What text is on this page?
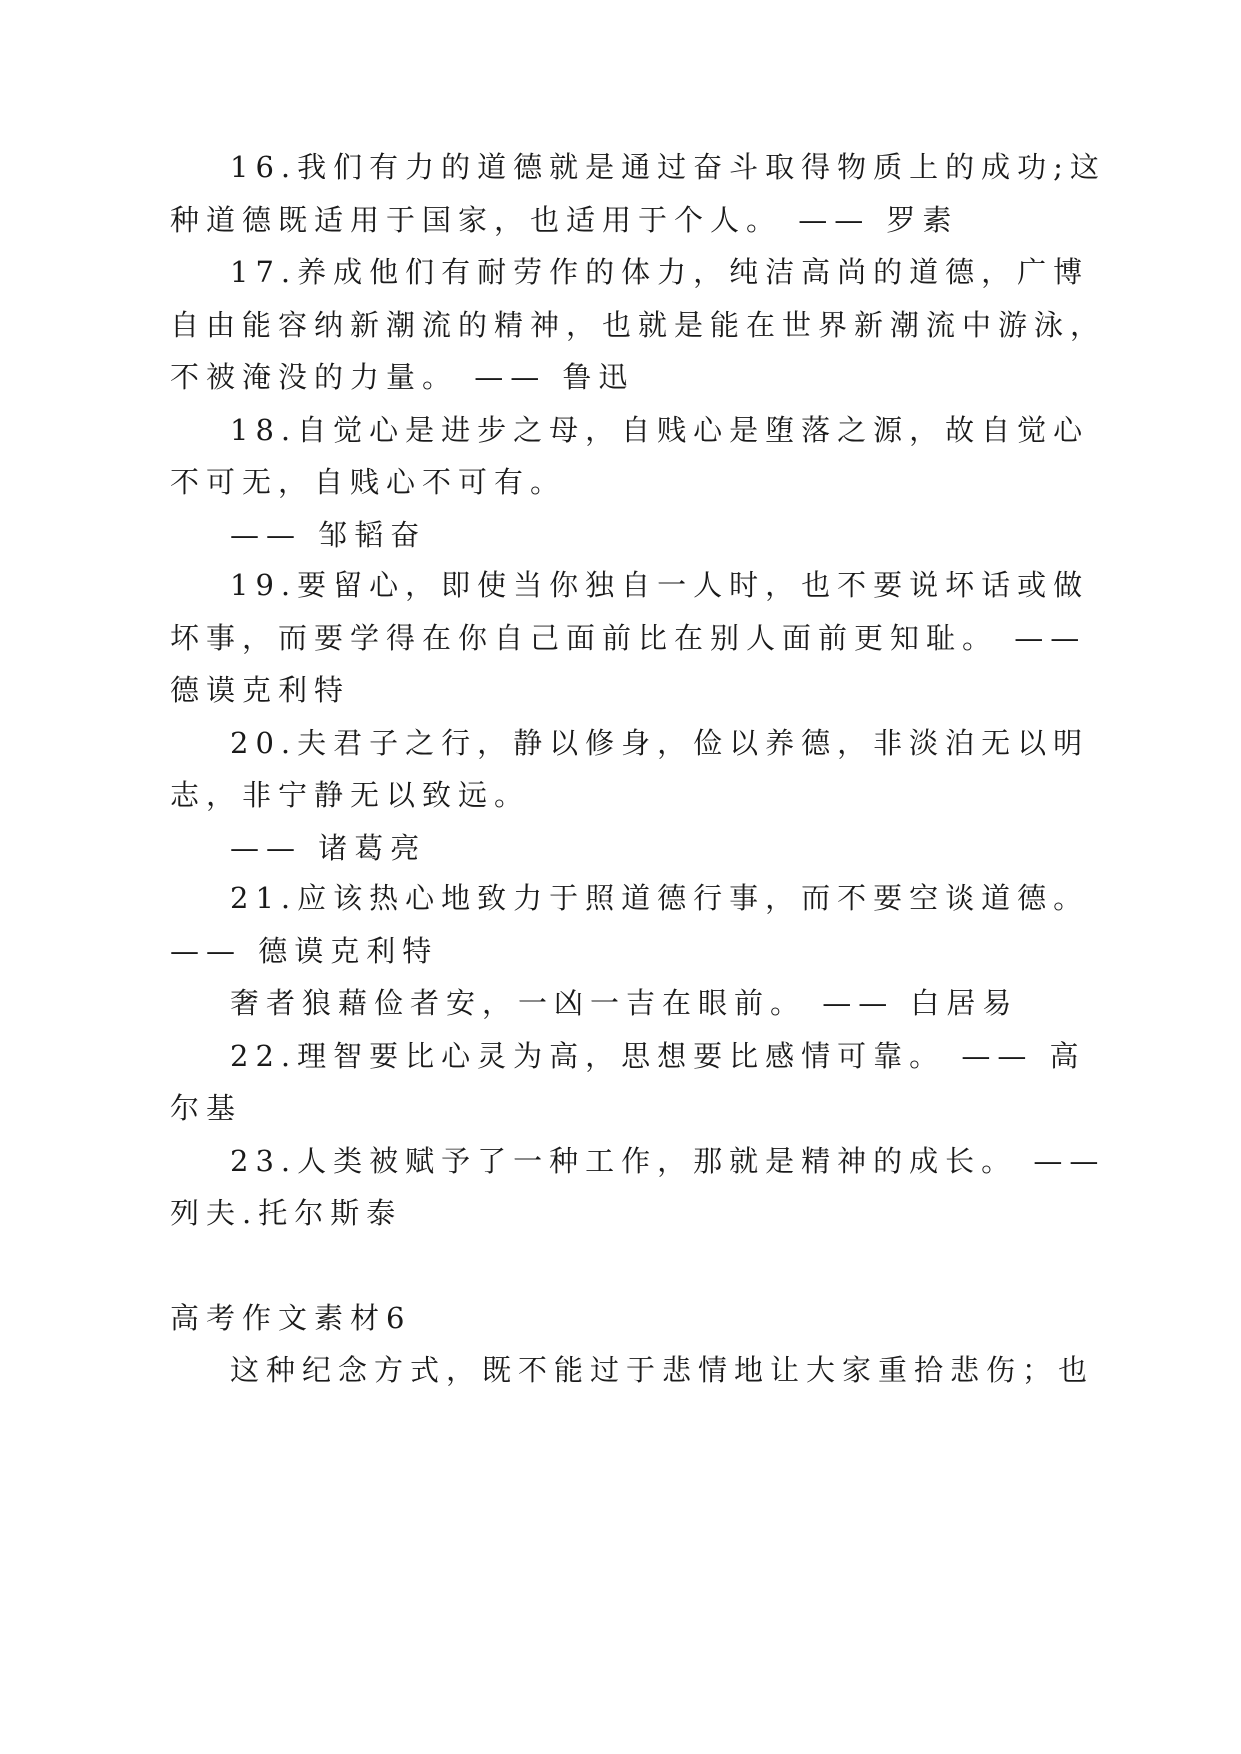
16.我们有力的道德就是通过奋斗取得物质上的成功;这
种道德既适用于国家，也适用于个人。 —— 罗素
17.养成他们有耐劳作的体力，纯洁高尚的道德，广博
自由能容纳新潮流的精神，也就是能在世界新潮流中游泳，
不被淹没的力量。 —— 鲁迅
18.自觉心是进步之母，自贱心是堕落之源，故自觉心
不可无，自贱心不可有。
—— 邹韬奋
19.要留心，即使当你独自一人时，也不要说坏话或做
坏事，而要学得在你自己面前比在别人面前更知耻。 ——
德谟克利特
20.夫君子之行，静以修身，俭以养德，非淡泊无以明
志，非宁静无以致远。
—— 诸葛亮
21.应该热心地致力于照道德行事，而不要空谈道德。
—— 德谟克利特
奢者狼藉俭者安，一凶一吉在眼前。 —— 白居易
22.理智要比心灵为高，思想要比感情可靠。 —— 高
尔基
23.人类被赋予了一种工作，那就是精神的成长。 ——
列夫.托尔斯泰
高考作文素材6
这种纪念方式，既不能过于悲情地让大家重拾悲伤；也
